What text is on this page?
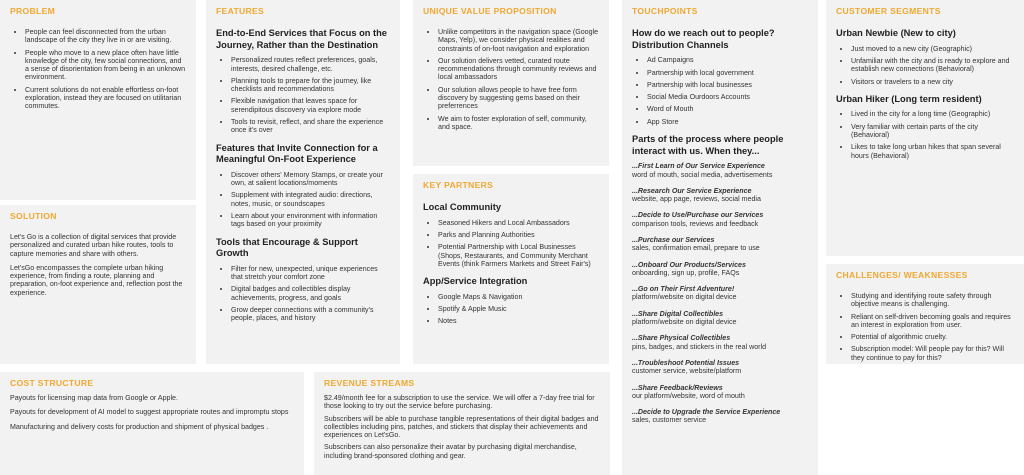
PROBLEM
• People can feel disconnected from the urban landscape of the city they live in or are visiting.
• People who move to a new place often have little knowledge of the city, few social connections, and a sense of disorientation from being in an unknown environment.
• Current solutions do not enable effortless on-foot exploration, instead they are focused on utilitarian commutes.
SOLUTION

Let's Go is a collection of digital services that provide personalized and curated urban hike routes, tools to capture memories and share with others.

Let'sGo encompasses the complete urban hiking experience, from finding a route, planning and preparation, on-foot experience and, reflection post the experience.

FEATURES
End-to-End Services that Focus on the Journey, Rather than the Destination
• Personalized routes reflect preferences, goals, interests, desired challenge, etc.
• Planning tools to prepare for the journey, like checklists and recommendations
• Flexible navigation that leaves space for serendipitous discovery via explore mode
• Tools to revisit, reflect, and share the experience once it's over
Features that Invite Connection for a Meaningful On-Foot Experience
• Discover others' Memory Stamps, or create your own, at salient locations/moments
• Supplement with integrated audio: directions, notes, music, or soundscapes
• Learn about your environment with information tags based on your proximity
Tools that Encourage & Support Growth
• Filter for new, unexpected, unique experiences that stretch your comfort zone
• Digital badges and collectibles display achievements, progress, and goals
• Grow deeper connections with a community's people, places, and history
UNIQUE VALUE PROPOSITION
• Unlike competitors in the navigation space (Google Maps, Yelp), we consider physical realities and constraints of on-foot navigation and exploration
• Our solution delivers vetted, curated route recommendations through community reviews and local ambassadors
• Our solution allows people to have free form discovery by suggesting gems based on their preferrences
• We aim to foster exploration of self, community, and space.
KEY PARTNERS
Local Community
• Seasoned Hikers and Local Ambassadors
• Parks and Planning Authorities
• Potential Partnership with Local Businesses (Shops, Restaurants, and Community Merchant Events (think Farmers Markets and Street Fair's)
App/Service Integration
• Google Maps & Navigation
• Spotify & Apple Music
• Notes
TOUCHPOINTS
How do we reach out to people? Distribution Channels
• Ad Campaigns
• Partnership with local government
• Partnership with local businesses
• Social Media Ourdoors Accounts
• Word of Mouth
• App Store
Parts of the process where people interact with us. When they...

...First Learn of Our Service Experience

word of mouth, social media, advertisements

...Research Our Service Experience

website, app page, reviews, social media

...Decide to Use/Purchase our Services

comparison tools, reviews and feedback

...Purchase our Services

sales, confirmation email, prepare to use

...Onboard Our Products/Services

onboarding, sign up, profile, FAQs

...Go on Their First Adventure!

platform/website on digital device

...Share Digital Collectibles

platform/website on digital device

...Share Physical Collectibles

pins, badges, and stickers in the real world

...Troubleshoot Potential Issues

customer service, website/platform

...Share Feedback/Reviews

our platform/website, word of mouth

...Decide to Upgrade the Service Experience

sales, customer service

CUSTOMER SEGMENTS
Urban Newbie (New to city)
• Just moved to a new city (Geographic)
• Unfamiliar with the city and is ready to explore and establish new connections (Behavioral)
• Visitors or travelers to a new city
Urban Hiker (Long term resident)
• Lived in the city for a long time (Geographic)
• Very familiar with certain parts of the city (Behavioral)
• Likes to take long urban hikes that span several hours (Behavioral)
CHALLENGES/ WEAKNESSES
• Studying and identifying route safety through objective means is challenging.
• Reliant on self-driven becoming goals and requires an interest in exploration from user.
• Potential of algorithmic cruelty.
• Subscription model: Will people pay for this? Will they continue to pay for this?
COST STRUCTURE

Payouts for licensing map data from Google or Apple.

Payouts for development of AI model to suggest appropriate routes and impromptu stops

Manufacturing and delivery costs for production and shipment of physical badges .

REVENUE STREAMS

$2.49/month fee for a subscription to use the service. We will offer a 7-day free trial for those looking to try out the service before purchasing.

Subscribers will be able to purchase tangible representations of their digital badges and collectibles including pins, patches, and stickers that display their achievements and experiences on Let'sGo.

Subscribers can also personalize their avatar by purchasing digital merchandise, including brand-sponsored clothing and gear.
